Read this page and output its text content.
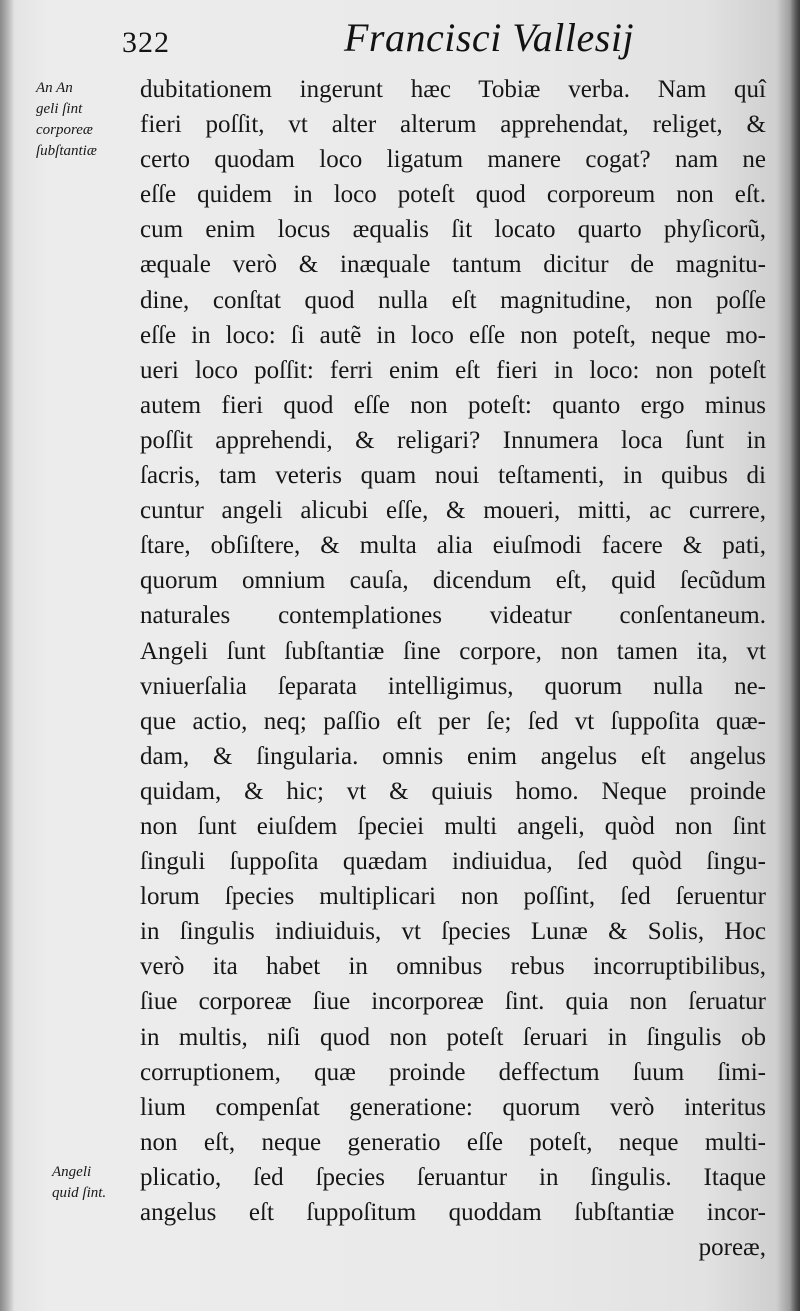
322	Francisci Vallesij
An An
geli ſint
corporeæ
ſubſtantiæ
Angeli
quid ſint.
dubitationem ingerunt hæc Tobiæ verba. Nam quî
fieri poſſit, vt alter alterum apprehendat, religet, &
certo quodam loco ligatum manere cogat? nam ne
eſſe quidem in loco poteſt quod corporeum non eſt.
cum enim locus æqualis ſit locato quarto phyſicorũ,
æquale verò & inæquale tantum dicitur de magnitu-
dine, conſtat quod nulla eſt magnitudine, non poſſe
eſſe in loco: ſi autẽ in loco eſſe non poteſt, neque mo-
ueri loco poſſit: ferri enim eſt fieri in loco: non poteſt
autem fieri quod eſſe non poteſt: quanto ergo minus
poſſit apprehendi, & religari? Innumera loca ſunt in
ſacris, tam veteris quam noui teſtamenti, in quibus di
cuntur angeli alicubi eſſe, & moueri, mitti, ac currere,
ſtare, obſiſtere, & multa alia eiuſmodi facere & pati,
quorum omnium cauſa, dicendum eſt, quid ſecũdum
naturales contemplationes videatur conſentaneum.
Angeli ſunt ſubſtantiæ ſine corpore, non tamen ita, vt
vniuerſalia ſeparata intelligimus, quorum nulla ne-
que actio, neq; paſſio eſt per ſe; ſed vt ſuppoſita quæ-
dam, & ſingularia. omnis enim angelus eſt angelus
quidam, & hic; vt & quiuis homo. Neque proinde
non ſunt eiuſdem ſpeciei multi angeli, quòd non ſint
ſinguli ſuppoſita quædam indiuidua, ſed quòd ſingu-
lorum ſpecies multiplicari non poſſint, ſed ſeruentur
in ſingulis indiuiduis, vt ſpecies Lunæ & Solis, Hoc
verò ita habet in omnibus rebus incorruptibilibus,
ſiue corporeæ ſiue incorporeæ ſint. quia non ſeruatur
in multis, niſi quod non poteſt ſeruari in ſingulis ob
corruptionem, quæ proinde deffectum ſuum ſimi-
lium compenſat generatione: quorum verò interitus
non eſt, neque generatio eſſe poteſt, neque multi-
plicatio, ſed ſpecies ſeruantur in ſingulis. Itaque
angelus eſt ſuppoſitum quoddam ſubſtantiæ incor-
poreæ,
